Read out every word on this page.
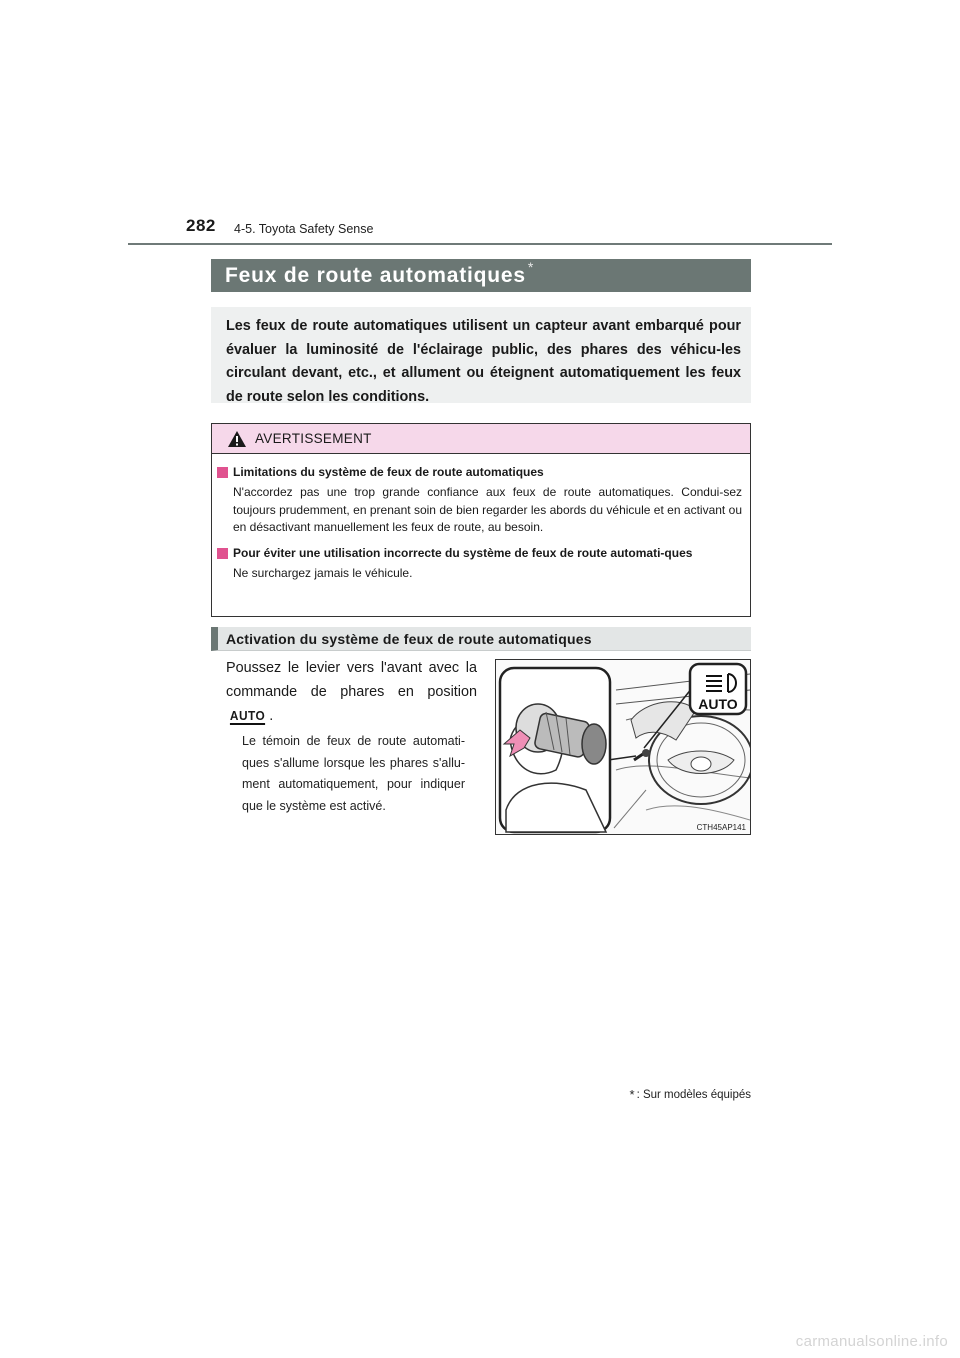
282 4-5. Toyota Safety Sense
Feux de route automatiques *

Les feux de route automatiques utilisent un capteur avant embarqué pour évaluer la luminosité de l'éclairage public, des phares des véhicu-les circulant devant, etc., et allument ou éteignent automatiquement les feux de route selon les conditions.

AVERTISSEMENT
Limitations du système de feux de route automatiques
N'accordez pas une trop grande confiance aux feux de route automatiques. Condui-sez toujours prudemment, en prenant soin de bien regarder les abords du véhicule et en activant ou en désactivant manuellement les feux de route, au besoin.
Pour éviter une utilisation incorrecte du système de feux de route automati-ques
Ne surchargez jamais le véhicule.
Activation du système de feux de route automatiques
Poussez le levier vers l'avant avec la commande de phares en position AUTO .
Le témoin de feux de route automati-ques s'allume lorsque les phares s'allu-ment automatiquement, pour indiquer que le système est activé.
AUTO
CTH45AP141
* : Sur modèles équipés
carmanualsonline.info
